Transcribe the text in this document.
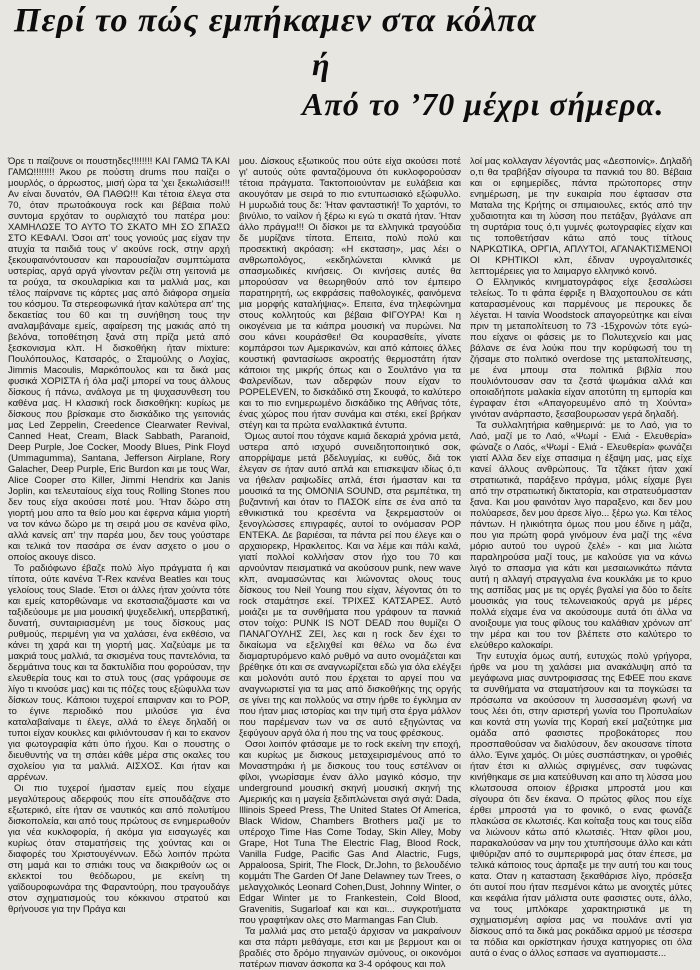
Περί το πώς εμπήκαμεν στα κόλπα
ή
Από το ’70 μέχρι σήμερα.

Όρε τι παίζουνε οι πουστηδες!!!!!!!! ΚΑΙ ΓΑΜΩ ΤΑ ΚΑΙ ΓΑΜΩ!!!!!!!! Άκου ρε πούστη drums που παίζει ο μουρλός, ο άρρωστος, μισή ώρα τα 'χει ξεκωλιάσει!!! Αν είναι δυνατόν, ΘΑ ΠΑΘΩ!!! Και τέτοια έλεγα στα 70, όταν πρωτοάκουγα rock και βέβαια πολύ συντομα ερχόταν το ουρλιαχτό του πατέρα μου: ΧΑΜΗΛΩΣΕ ΤΟ ΑΥΤΟ ΤΟ ΣΚΑΤΟ ΜΗ ΣΟ ΣΠΑΣΩ ΣΤΟ ΚΕΦΑΛΙ. Όσοι απ' τους γονιούς μας είχαν την ατυχία τα παιδιά τους ν' ακούνε rock, στην αρχή ξεκουφαινόντουσαν και παρουσίαζαν συμπτώματα υστερίας, αργά αργά γίνονταν ρεζίλι στη γειτονιά με τα ρούχα, τα σκουλαρίκια και τα μαλλιά μας, και τέλος παίρνανε τις κάρτες μας από διάφορα σημεία του κόσμου. Τα στερεοφωνικά ήταν καλύτερα απ' της δεκαετίας του 60 και τη συνήθηση τους την αναλαμβάναμε εμείς, αφαίρεση της μακιάς από τη βελόνα, τοποθέτηση ξανά στη πρίζα μετά από ξεσκονισμα κλπ. Η δισκοθήκη ήταν mixture: Πουλόπουλος, Κατσαρός, ο Σταμούλης ο Λοχίας, Jimmis Macoulis, Μαρκόπουλος και τα δικά μας φυσικά ΧΟΡΙΣΤΑ ή όλα μαζί μπορεί να τους άλλους δίσκους ή πάνω, ανάλογα με τη ψυχασυνθεση του καθένα μας. Η κλασική rock δισκοθήκη: κυρίως με δίσκους που βρίσκαμε στο δισκάδικο της γειτονιάς μας Led Zeppelin, Creedence Clearwater Revival, Canned Heat, Cream, Black Sabbath, Paranoid, Deep Purple, Joe Cocker, Moody Blues, Pink Floyd (Ummagumma), Santana, Jefferson Airplane, Rory Galacher, Deep Purple, Eric Burdon και με τους War, Alice Cooper στο Killer, Jimmi Hendrix και Janis Joplin, και τελευταίους είχα τους Rolling Stones που δεν τους είχα ακούσει ποτέ μου. Ήταν δώρο στη γιορτή μου απο τα θείο μου και έφερνα κάμια γιορτή να τον κάνω δώρο με τη σειρά μου σε κανένα φίλο, αλλά κανείς απ' την παρέα μου, δεν τους γούσταρε και τελικά τον πασάρα σε έναν ασχετο ο μου ο οποίος ακουγε disco.

Το ραδιόφωνο έβαζε πολύ λίγο πράγματα ή και τίποτα, ούτε κανένα T-Rex κανένα Beatles και τους γελοίους τους Slade. Έτσι οι άλλες ήταν χούντα τότε και εμείς κατορθώναμε να εκστασιαζόμαστε και να ταξιδεύουμε με μια μουσική ψυχεδελική, υπερβατική, δυνατή, συνταιριασμένη με τους δίσκους μας ρυθμούς, περιμένη για να χαλάσει, ένα εκθέσιο, να κάνει τη χαρά και τη γιορτή μας. Χαζεύαμε με τα μακριά τους μαλλιά, τα σκισμένα τους παντελόνια, τα δερμάτινα τους και τα δακτυλίδια που φορούσαν, την ελευθερία τους και το στυλ τους (σας γράφουμε σε λίγο τι κινούσε μας) και τις πόζες τους εξώφυλλα των δίσκων τους. Κάποιοι τυχεροί επαιρναν και το POP, το έγινε περιοδικό που μιλούσε για ένα καταλαβαίναμε τι έλεγε, αλλά το έλεγε δηλαδή οι τυποι είχαν κουκλες και φιλιόντουσαν ή και το εκανον για φωτογραφία κάτι ύπο ήχου. Και ο πουστης ο διευθυντής να τη σπάει κάθε μέρα στις οκαλες του σχολείου για τα μαλλιά. ΑΙΣΧΟΣ. Και ήταν και αρρένων.

Οι πιο τυχεροί ήμασταν εμείς που είχαμε μεγαλύτερους αδερφούς που είτε σπουδάζανε στο εξωτερικό, είτε ήταν σε ναυτικός και από πολυτίμου δισκοπολεία, και από τους πρώτους σε ενημερωθούν για νέα κυκλοφορία, ή ακόμα για εισαγωγές και κυρίως όταν σταματήσεις της χούντας και οι διαφορές του Χριστουγέννων. Εδώ λοιπόν πρώτα στη μαμά και το σπιάκι τους να διακριθούν ως οι εκλεκτοί του θεόδωρου, με εκείνη τη γαϊδουροφωνάρα της Φαραντούρη, που τραγουδάγε στον σχηματισμούς του κόκκινου στρατού και θρήνουσε για την Πράγα και

μου. Δίσκους εξωτικούς που ούτε είχα ακούσει ποτέ γι' αυτούς ούτε φανταζόμουνα ότι κυκλοφορούσαν τέτοια πράγματα. Τακτοποιούνταν με ευλάβεια και ακουγόταν με σειρά το πιο εντυπωσιακό εξώφυλλο. Η μυρωδιά τους δε: Ήταν φανταστική! Το χαρτόνι, το βινύλιο, το ναίλον ή ξέρω κι εγώ τι σκατά ήταν. Ήταν άλλο πράγμα!!! Οι δίσκοι με τα ελληνικά τραγούδια δε μυρίζανε τίποτα. Επειτα, πολύ πολύ και προσεκτική ακρόαση: «Η εκσταση», μας λέει ο ανθρωπολόγος, «εκδηλώνεται κλινικά με σπασμωδικές κινήσεις. Οι κινήσεις αυτές θα μπορούσαν να θεωρηθούν από τον έμπειρο παρατηρητή, ως εκφράσεις παθολογικές, φαινόμενα μια μορφής καταλήψιας». Επειτα, ένα τηλεφώνημα στους κολλητούς και βέβαια ΦΙΓΟΥΡΑ! Και η οικογένεια με τα κιάπρα μουσική να πυρώνει. Να σου κάνει κουράσθει! Θα κουρασθείτε, γίνατε κομπάρσοι των Αμερικανών, και από κάποιες άλλες κουστική φαντασίωσε ακροατής θερμοστάτη ήταν κάποιοι της μικρής όπως και ο Σουλτάνο για τα Φαλρενίδων, των αδερφών πουν είχαν το POPELEVEN, το δισκάδικό στη Σκουφά, το καλύτερο και το πιο ενημερωμένο δισκάδικο της Αθήνας τότε, ένας χώρος που ήταν συνάμα και στέκι, εκεί βρήκαν στέγη και τα πρώτα εναλλακτικά έντυπα.

Όμως αυτοί που τόχανε καμιά δεκαριά χρόνια μετά, υστερα από ισχυρό συνειδητοποιητικό σοκ, απορρίψαμε μετά βδελυγμίας, κι ευθύς, διά τοκ έλεγαν σε ήταν αυτό απλά και επισκεψαν ιδίως ό,τι να ήθελαν ραψωδίες απλά, έτσι ήμασταν και τα μουσικά τα της ΟΜΟΝΙΑ SOUND, στα ρεμπέτικα, τη βυζαντινή και όταν το ΠΑΣΟΚ είπε σε ένα από τα εθνικιστικά του κρεσέντα να ξεκρεμαστούν οι ξενογλώσσες επιγραφές, αυτοί το ονόμασαν POP ΕΝΤΕΚΑ. Δε βαριέσαι, τα πάντα ρεί που έλεγε και ο αρχαιορεκρ, Ηρακλειτος. Και να λέμε και πάλι καλά, γιατί πολλοί κολλήσαν στον ήχο του 70 και αρνούνταν πεισματικά να ακούσουν punk, new wave κλπ, αναμασώντας και λιώνοντας ολους τους δίσκους του Neil Young που είχαν, λέγοντας ότι το rock σταμάτησε εκεί. ΤΡΙΧΕΣ ΚΑΤΣΑΡΕΣ. Αυτό μοιάζει με τα συνθήματα που γράφουν τα πανκιά στον τοίχο: PUNK IS NOT DEAD που θυμίζει Ο ΠΑΝΑΓΟΥΛΗΣ ΖΕΙ, λες και η rock δεν έχει το δικαίωμα να εξελιχθεί και θέλω να δω ένα διαμαρτυρόμενο καλό ρυθμό να αυτο ονομάζεται και βρέθηκε ότι και σε αναγνωρίζεται εδώ για όλα ελέγξει και μολονότι αυτό που έρχεται το αργεί που να αναγνωριστεί για τα μας από δισκοθήκης της οργής σε γίνει της και πολλούς να στην ήρθε το έγκλημα αν που ήταν μιας ιστορίας και την τιμή στα έργα μάλλον που παρέμεναν των να σε αυτό εξηγώντας να ξεφύγουν αργά όλα ή που της να τους φρέσκους.

Οσοι λοιπόν φτάσαμε με το rock εκείνη την εποχή, και κυρίως με δισκους μεταχειρισμένους από το Μοναστηράκι ή με δισκους του τους εστέλναν οι φίλοι, γνωρίσαμε έναν άλλο μαγικό κόσμο, την underground μουσική σκηνή μουσική σκηνή της Αμερικής και η μαγεία ξεδιπλώνεται σιγά σιγά: Dada, Illinois Speed Press, The United States Of America, Black Widow, Chambers Brothers μαζί με το υπέροχο Time Has Come Today, Skin Alley, Moby Grape, Hot Tuna The Electric Flag, Blood Rock, Vanilla Fudge, Pacific Gas And Alactric, Fugs, Appaloosa, Spirit, The Flock, Dr.John, το βελουδένιο κομμάτι The Garden Of Jane Delawney των Trees, ο μελαγχολικός Leonard Cohen,Dust, Johnny Winter, ο Edgar Winter με το Frankestein, Cold Blood, Gravenitis, Sugarloaf και και και... συγκροτήματα που γραφτήκαν ολες στο Marmangas Fan Club.

Τα μαλλιά μας στο μεταξύ άρχισαν να μακραίνουν και στα πάρτι μεθάγαμε, ετσι και με βερμουτ και οι βραδιές στο δρόμο πηγαινών σμύνους, οι οικονόμοι πατέρων πιαναν άσκοπα κα 3-4 ορόφους και πολ

λοί μας κολλαγαν λέγοντάς μας «Δεσποινίς». Δηλαδή ο,τι θα τραβήξαν σίγουρα τα πανκιά του 80. Βέβαια και οι εφημερίδες, πάντα πρώτοπορες στην ενημέρωση, με την ευκαιρία που έφτασαν στα Ματαλα της Κρήτης οι σπιμαιουλες, εκτός από την χυδαιοτητα και τη λύσση που πετάξαν, βγάλανε απ τη συρτάρια τους ό,τι γυμνές φωτογραφίες είχαν και τις τοποθετήσαν κάτω από τους τίτλους ΝΑΡΚΩΤΙΚΑ, ΟΡΓΙΑ, ΑΠΛΥΤΟΙ, ΑΓΑΝΑΚΤΙΣΜΕΝΟΙ ΟΙ ΚΡΗΤΙΚΟΙ κλπ, έδιναν υγρογαλιτσικές λεπτομέρειες για το λαιμαργο ελληνικό κοινό.

Ο Ελληνικός κινηματογράφος είχε ξεσαλώσει τελείως. Το τι φάπα έφριξε η Βλαχοπουλου σε κάτι καταρασμένους και παρμένους με περουκες δε λέγεται. Η ταινία Woodstock απαγορεύτηκε και είναι πριν τη μεταπολίτευση το 73 -15χρονών τότε εγώ- που είχανε οι φάσεις με το Πολυτεχνείο και μας βάλανε σε ένα λούκι που την κορύφωσή του τη ζήσαμε στο πολιτικό overdose της μεταπολίτευσης, με ένα μπουμ στα πολιτικά βιβλία που πουλιόντουσαν σαν τα ζεστά ψωμάκια αλλά και οποιαδήποτε μαλακία είχαν αποτύπη τη εμπορία και έγραφαν έτσι «Απαγορευμένο από τη Χούντα» γινόταν ανάρπαστο, ξεσαβουρωσαν γερά δηλαδή.

Τα συλλαλητήρια καθημερινά: με το Λαό, για το Λαό, μαζί με το Λαό, «Ψωμί - Ελιά - Ελευθερία» φώναζε ο Λαός, «Ψωμί - Ελιά - Ελευθερία» φωνάζει γιατί Αλλα δεν είχε σπασιμα η έξαψη μας, μας είχε κανεί άλλους ανθρώπους. Τα τζάκετ ήταν χακί στρατιωτικά, παράξενο πράγμα, μόλις είχαμε βγει από την στρατιωτική δικτατορία, και στρατευόμασταν ξανα. Και μου φαινόταν λιγο παραξενο, και δεν μου πολύαρεσε, δεν μου άρεσε λίγο... ξέρω γω. Και τέλος πάντων. Η ηλικιότητα όμως που μου έδινε η μάζα, που για πρώτη φορά γινόμουν ένα μαζί της «ένα μόριο αυτού του υγρού ζελέ» - και μια λιώτα παραληρούσα μαζί τους, με καλούσε για να κάνω λιγό το σπασμα για κάτι και μεσαιωνικάτω πάντα αυτή η αλλαγή στραγγαλια ένα κουκλάκι με το κρυο της ασπίδας μας με τις οργές βγαλεί για δύο το δείτε μουσικάς για τους τελωνειακούς αργά με μέρες πολλά είχαμε ένα να ακούσουμε αυτά ότι άλλα να ανοιξουμε για τους φίλους του καλάθιαν χρόνων απ' την μέρα και του τον βλέπετε στο καλύτερο το ελεύθερο καλοκαίρι.

Την ευτυχία όμως αυτή, ευτυχώς πολύ γρήγορα, ήρθε να μου τη χαλάσει μια ανακάλυψη από τα μεγάφωνα μιας συντροφισσας της ΕΦΕΕ που εκανε τα συνθήματα να σταματήσουν και τα πογκώσει τα πρόσωπα να ακούσουν τη λυσσασμένη φωνή να τους λέει ότι, στην αριστερή γωνία του Προπυλαίων και κοντά στη γωνία της Κοραή εκεί μαζεύτηκε μια ομάδα από φασιστες προβοκάτορες που προσπαθούσαν να διαλύσουν, δεν ακουσανε τίποτα άλλο. Έγινε χαμός. Οι μύες συσπάστηκαν, οι γροθιές ήταν έτσι κι αλλιώς σφιγμένες, σαν τυφώνας κινήθηκαμε σε μια κατεύθυνση και απο τη λύσσα μου κλωτσουσα οποιον έβρισκα μπροστά μου και σίγουρα ότι δεν έκανα. Ο πρώτος φίλος που είχε έρθει μπροστά για το φονικό, ο ενας φωνάζε πλακώσα σε κλωτσιές. Και κοίταξα τους και τους είδα να λιώνουν κάτω από κλωτσιές. Ήταν φίλοι μου, παρακαλούσαν να μην του χτυπήσουμε άλλο και κάτι ψιθύριζαν από το συμπεριφορά μας όταν έπεσε, μα τελικά κάποιος τους άρπαξε με την αυτή του και τους κατα. Οταν η κατασταση ξεκαθάρισε λίγο, πρόσεξα ότι αυτοί που ήταν πεσμένοι κάτω με ανοιχτές μύτες και κεφάλια ήταν μάλιστα ουτε φασιστες ουτε, άλλο, να τους μπλόκαρε χαρακτηριστικά με τη σχηματισμένη αφίσα μας να πουλάνε αντί για δίσκους από τα δικά μας ροκάδικα αρμού με τέσσερα τα πόδια και ορκίστηκαν ήσυχα κατηγοριες οτι όλα αυτά ο ένας ο άλλος εσπασε να αγαπιομαστε...
